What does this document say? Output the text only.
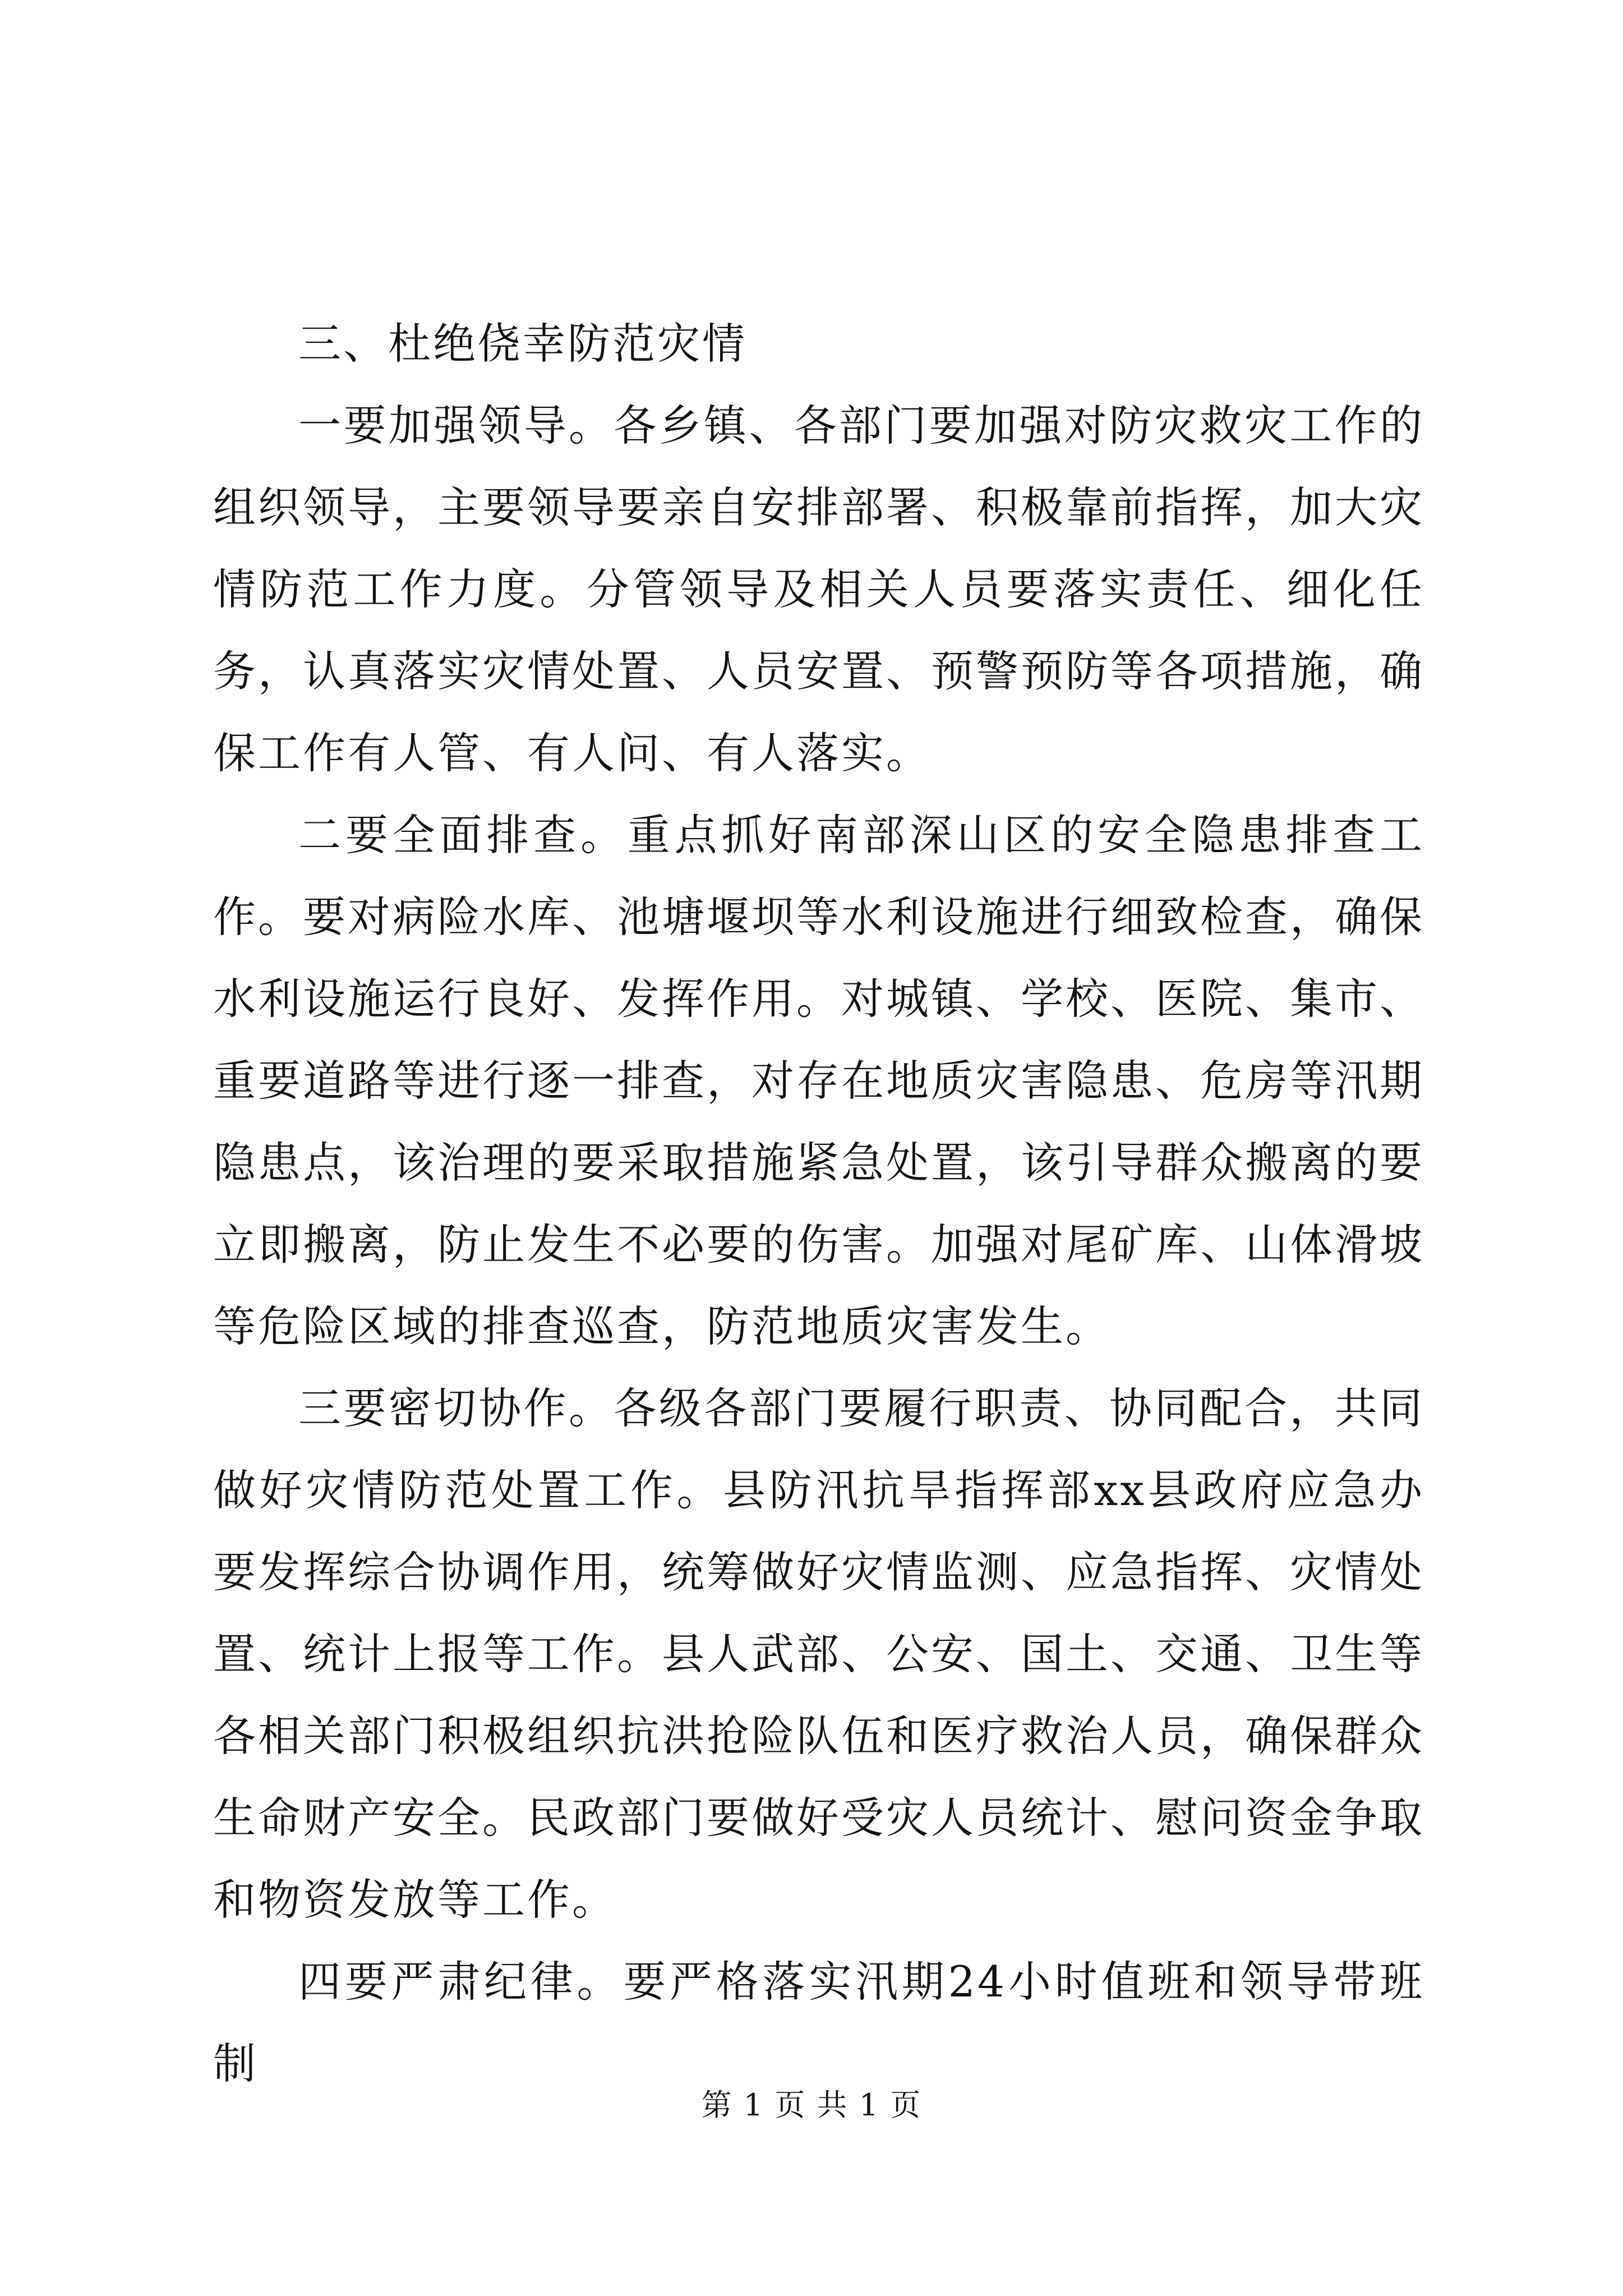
三、杜绝侥幸防范灾情

一要加强领导。各乡镇、各部门要加强对防灾救灾工作的组织领导，主要领导要亲自安排部署、积极靠前指挥，加大灾情防范工作力度。分管领导及相关人员要落实责任、细化任务，认真落实灾情处置、人员安置、预警预防等各项措施，确保工作有人管、有人问、有人落实。

二要全面排查。重点抓好南部深山区的安全隐患排查工作。要对病险水库、池塘堰坝等水利设施进行细致检查，确保水利设施运行良好、发挥作用。对城镇、学校、医院、集市、重要道路等进行逐一排查，对存在地质灾害隐患、危房等汛期隐患点，该治理的要采取措施紧急处置，该引导群众搬离的要立即搬离，防止发生不必要的伤害。加强对尾矿库、山体滑坡等危险区域的排查巡查，防范地质灾害发生。

三要密切协作。各级各部门要履行职责、协同配合，共同做好灾情防范处置工作。县防汛抗旱指挥部xx县政府应急办要发挥综合协调作用，统筹做好灾情监测、应急指挥、灾情处置、统计上报等工作。县人武部、公安、国土、交通、卫生等各相关部门积极组织抗洪抢险队伍和医疗救治人员，确保群众生命财产安全。民政部门要做好受灾人员统计、慰问资金争取和物资发放等工作。

四要严肃纪律。要严格落实汛期24小时值班和领导带班制

第 1 页 共 1 页
